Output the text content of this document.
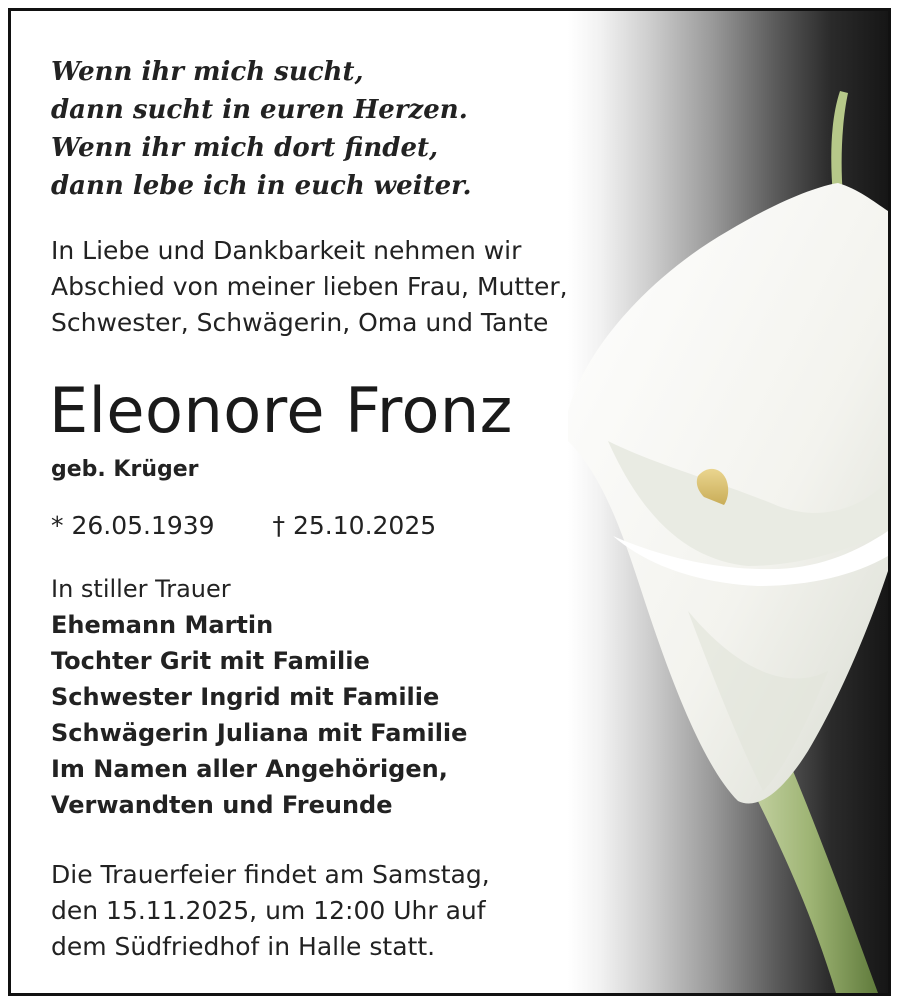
Wenn ihr mich sucht,
dann sucht in euren Herzen.
Wenn ihr mich dort findet,
dann lebe ich in euch weiter.
In Liebe und Dankbarkeit nehmen wir
Abschied von meiner lieben Frau, Mutter,
Schwester, Schwägerin, Oma und Tante
Eleonore Fronz
geb. Krüger
* 26.05.1939 † 25.10.2025
In stiller Trauer
Ehemann Martin
Tochter Grit mit Familie
Schwester Ingrid mit Familie
Schwägerin Juliana mit Familie
Im Namen aller Angehörigen,
Verwandten und Freunde
Die Trauerfeier findet am Samstag,
den 15.11.2025, um 12:00 Uhr auf
dem Südfriedhof in Halle statt.
